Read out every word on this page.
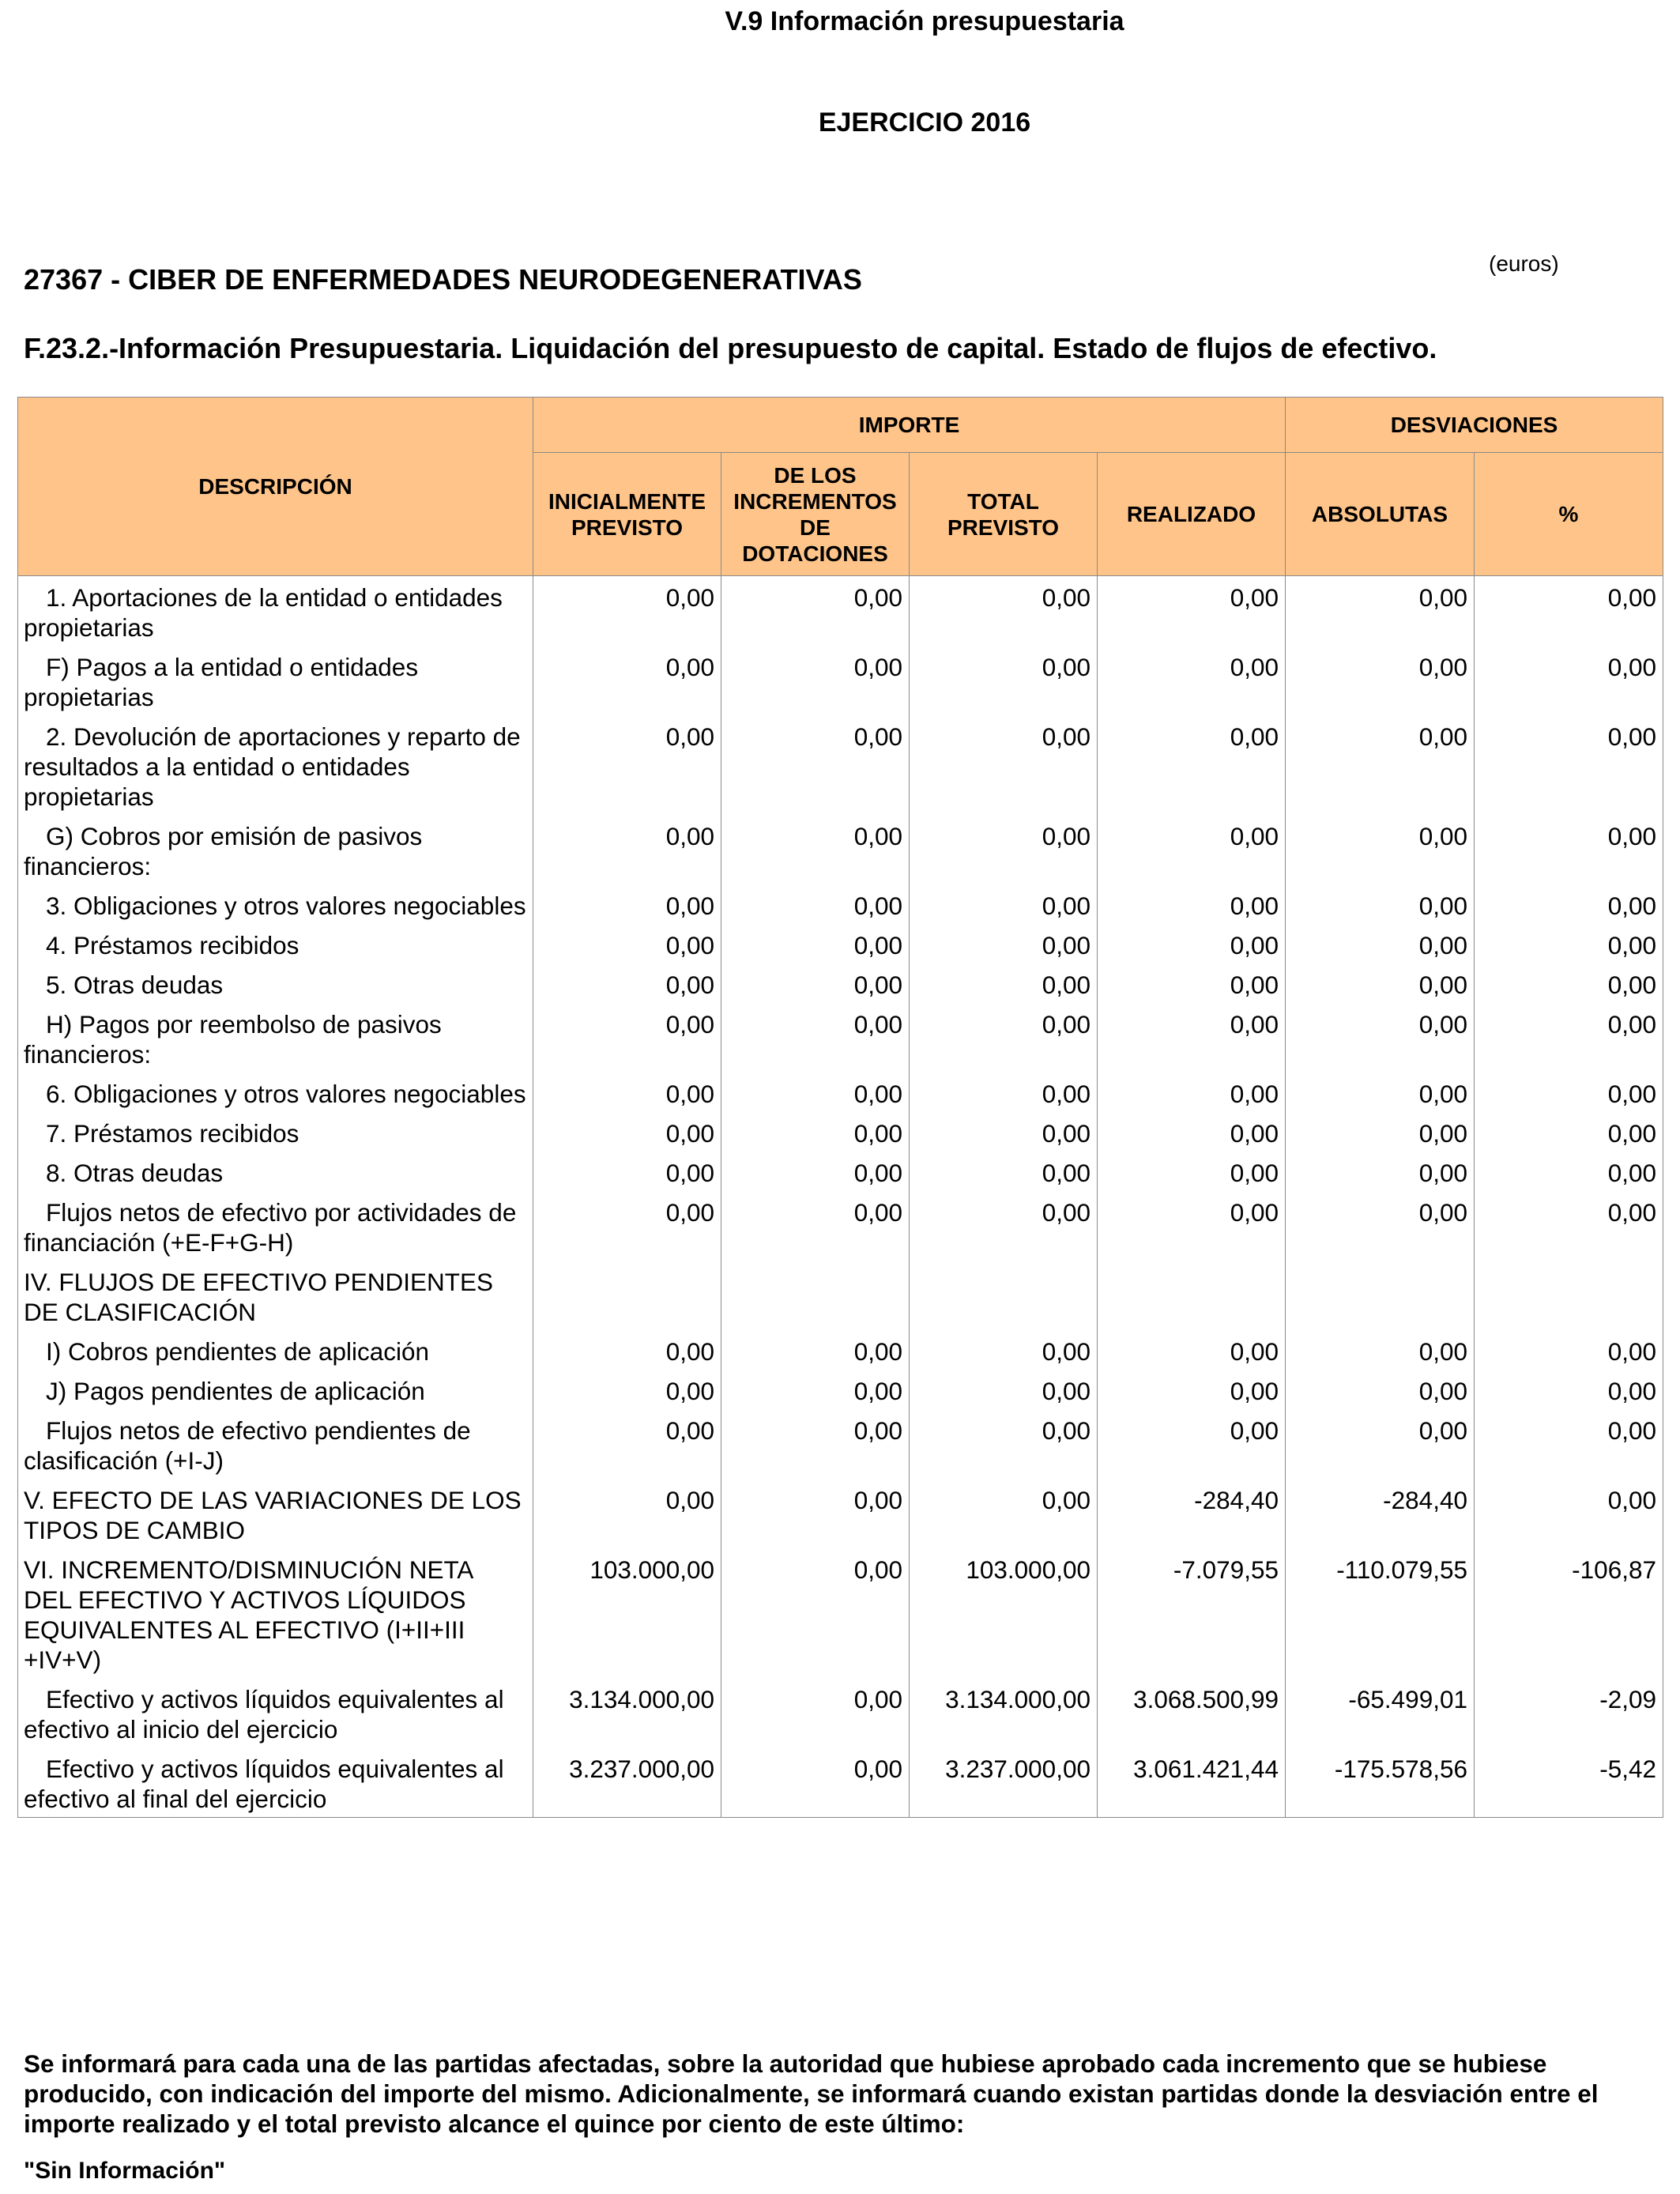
V.9 Información presupuestaria
EJERCICIO 2016
27367 - CIBER DE ENFERMEDADES NEURODEGENERATIVAS	(euros)
F.23.2.-Información Presupuestaria. Liquidación del presupuesto de capital. Estado de flujos de efectivo.
DESCRIPCIÓN	IMPORTE				DESVIACIONES	
	INICIALMENTE PREVISTO	DE LOS INCREMENTOS DE DOTACIONES	TOTAL PREVISTO	REALIZADO	ABSOLUTAS	%
1. Aportaciones de la entidad o entidades propietarias	0,00	0,00	0,00	0,00	0,00	0,00
F) Pagos a la entidad o entidades propietarias	0,00	0,00	0,00	0,00	0,00	0,00
2. Devolución de aportaciones y reparto de resultados a la entidad o entidades propietarias	0,00	0,00	0,00	0,00	0,00	0,00
G) Cobros por emisión de pasivos financieros:	0,00	0,00	0,00	0,00	0,00	0,00
3. Obligaciones y otros valores negociables	0,00	0,00	0,00	0,00	0,00	0,00
4. Préstamos recibidos	0,00	0,00	0,00	0,00	0,00	0,00
5. Otras deudas	0,00	0,00	0,00	0,00	0,00	0,00
H) Pagos por reembolso de pasivos financieros:	0,00	0,00	0,00	0,00	0,00	0,00
6. Obligaciones y otros valores negociables	0,00	0,00	0,00	0,00	0,00	0,00
7. Préstamos recibidos	0,00	0,00	0,00	0,00	0,00	0,00
8. Otras deudas	0,00	0,00	0,00	0,00	0,00	0,00
Flujos netos de efectivo por actividades de financiación (+E-F+G-H)	0,00	0,00	0,00	0,00	0,00	0,00
IV. FLUJOS DE EFECTIVO PENDIENTES DE CLASIFICACIÓN						
I) Cobros pendientes de aplicación	0,00	0,00	0,00	0,00	0,00	0,00
J) Pagos pendientes de aplicación	0,00	0,00	0,00	0,00	0,00	0,00
Flujos netos de efectivo pendientes de clasificación (+I-J)	0,00	0,00	0,00	0,00	0,00	0,00
V. EFECTO DE LAS VARIACIONES DE LOS TIPOS DE CAMBIO	0,00	0,00	0,00	-284,40	-284,40	0,00
VI. INCREMENTO/DISMINUCIÓN NETA DEL EFECTIVO Y ACTIVOS LÍQUIDOS EQUIVALENTES AL EFECTIVO (I+II+III +IV+V)	103.000,00	0,00	103.000,00	-7.079,55	-110.079,55	-106,87
Efectivo y activos líquidos equivalentes al efectivo al inicio del ejercicio	3.134.000,00	0,00	3.134.000,00	3.068.500,99	-65.499,01	-2,09
Efectivo y activos líquidos equivalentes al efectivo al final del ejercicio	3.237.000,00	0,00	3.237.000,00	3.061.421,44	-175.578,56	-5,42
Se informará para cada una de las partidas afectadas, sobre la autoridad que hubiese aprobado cada incremento que se hubiese producido, con indicación del importe del mismo. Adicionalmente, se informará cuando existan partidas donde la desviación entre el importe realizado y el total previsto alcance el quince por ciento de este último:
"Sin Información"
